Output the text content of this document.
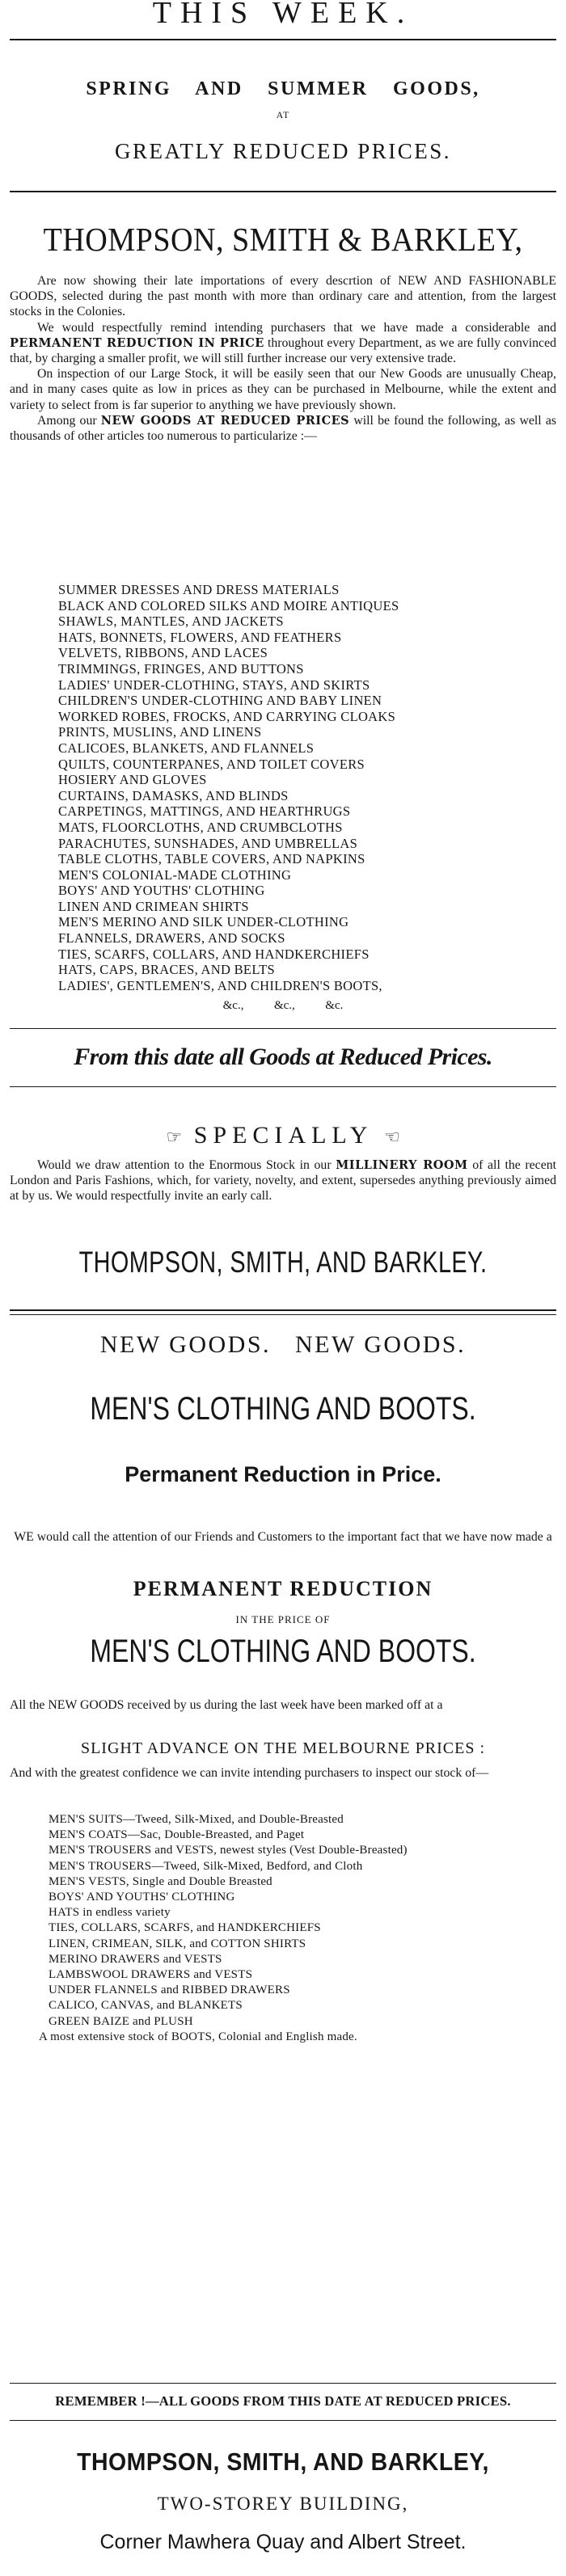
THIS WEEK.
SPRING AND SUMMER GOODS,
AT
GREATLY REDUCED PRICES.
THOMPSON, SMITH & BARKLEY,

Are now showing their late importations of every descrtion of NEW AND FASHIONABLE GOODS, selected during the past month with more than ordinary care and attention, from the largest stocks in the Colonies.

We would respectfully remind intending purchasers that we have made a considerable and PERMANENT REDUCTION IN PRICE throughout every Department, as we are fully convinced that, by charging a smaller profit, we will still further increase our very extensive trade.

On inspection of our Large Stock, it will be easily seen that our New Goods are unusually Cheap, and in many cases quite as low in prices as they can be purchased in Melbourne, while the extent and variety to select from is far superior to anything we have previously shown.

Among our NEW GOODS AT REDUCED PRICES will be found the following, as well as thousands of other articles too numerous to particularize :—

SUMMER DRESSES AND DRESS MATERIALS
BLACK AND COLORED SILKS AND MOIRE ANTIQUES
SHAWLS, MANTLES, AND JACKETS
HATS, BONNETS, FLOWERS, AND FEATHERS
VELVETS, RIBBONS, AND LACES
TRIMMINGS, FRINGES, AND BUTTONS
LADIES' UNDER-CLOTHING, STAYS, AND SKIRTS
CHILDREN'S UNDER-CLOTHING AND BABY LINEN
WORKED ROBES, FROCKS, AND CARRYING CLOAKS
PRINTS, MUSLINS, AND LINENS
CALICOES, BLANKETS, AND FLANNELS
QUILTS, COUNTERPANES, AND TOILET COVERS
HOSIERY AND GLOVES
CURTAINS, DAMASKS, AND BLINDS
CARPETINGS, MATTINGS, AND HEARTHRUGS
MATS, FLOORCLOTHS, AND CRUMBCLOTHS
PARACHUTES, SUNSHADES, AND UMBRELLAS
TABLE CLOTHS, TABLE COVERS, AND NAPKINS
MEN'S COLONIAL-MADE CLOTHING
BOYS' AND YOUTHS' CLOTHING
LINEN AND CRIMEAN SHIRTS
MEN'S MERINO AND SILK UNDER-CLOTHING
FLANNELS, DRAWERS, AND SOCKS
TIES, SCARFS, COLLARS, AND HANDKERCHIEFS
HATS, CAPS, BRACES, AND BELTS
LADIES', GENTLEMEN'S, AND CHILDREN'S BOOTS,
&c.,          &c.,          &c.
From this date all Goods at Reduced Prices.
☞ SPECIALLY ☞

Would we draw attention to the Enormous Stock in our MILLINERY ROOM of all the recent London and Paris Fashions, which, for variety, novelty, and extent, supersedes anything previously aimed at by us. We would respectfully invite an early call.

THOMPSON, SMITH, AND BARKLEY.
NEW GOODS.   NEW GOODS.
MEN'S CLOTHING AND BOOTS.
Permanent Reduction in Price.

WE would call the attention of our Friends and Customers to the important fact that we have now made a

PERMANENT REDUCTION
IN THE PRICE OF
MEN'S CLOTHING AND BOOTS.

All the NEW GOODS received by us during the last week have been marked off at a

SLIGHT ADVANCE ON THE MELBOURNE PRICES :

And with the greatest confidence we can invite intending purchasers to inspect our stock of—

MEN'S SUITS—Tweed, Silk-Mixed, and Double-Breasted
MEN'S COATS—Sac, Double-Breasted, and Paget
MEN'S TROUSERS and VESTS, newest styles (Vest Double-Breasted)
MEN'S TROUSERS—Tweed, Silk-Mixed, Bedford, and Cloth
MEN'S VESTS, Single and Double Breasted
BOYS' AND YOUTHS' CLOTHING
HATS in endless variety
TIES, COLLARS, SCARFS, and HANDKERCHIEFS
LINEN, CRIMEAN, SILK, and COTTON SHIRTS
MERINO DRAWERS and VESTS
LAMBSWOOL DRAWERS and VESTS
UNDER FLANNELS and RIBBED DRAWERS
CALICO, CANVAS, and BLANKETS
GREEN BAIZE and PLUSH
A most extensive stock of BOOTS, Colonial and English made.
REMEMBER !—ALL GOODS FROM THIS DATE AT REDUCED PRICES.
THOMPSON, SMITH, AND BARKLEY,
TWO-STOREY BUILDING,
Corner Mawhera Quay and Albert Street.
